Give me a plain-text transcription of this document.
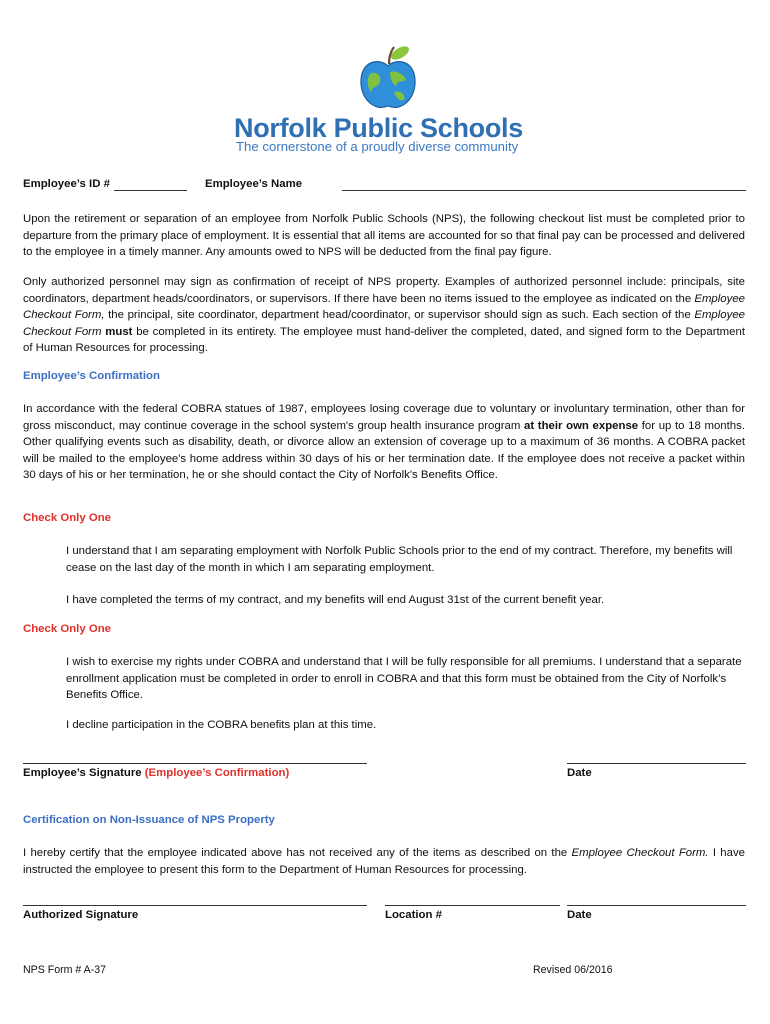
Norfolk Public Schools
The cornerstone of a proudly diverse community
Employee’s ID #	Employee’s Name
Upon the retirement or separation of an employee from Norfolk Public Schools (NPS), the following checkout list must be completed prior to departure from the primary place of employment. It is essential that all items are accounted for so that final pay can be processed and delivered to the employee in a timely manner. Any amounts owed to NPS will be deducted from the final pay figure.
Only authorized personnel may sign as confirmation of receipt of NPS property. Examples of authorized personnel include: principals, site coordinators, department heads/coordinators, or supervisors. If there have been no items issued to the employee as indicated on the Employee Checkout Form, the principal, site coordinator, department head/coordinator, or supervisor should sign as such. Each section of the Employee Checkout Form must be completed in its entirety. The employee must hand-deliver the completed, dated, and signed form to the Department of Human Resources for processing.
Employee’s Confirmation
In accordance with the federal COBRA statues of 1987, employees losing coverage due to voluntary or involuntary termination, other than for gross misconduct, may continue coverage in the school system's group health insurance program at their own expense for up to 18 months. Other qualifying events such as disability, death, or divorce allow an extension of coverage up to a maximum of 36 months. A COBRA packet will be mailed to the employee's home address within 30 days of his or her termination date. If the employee does not receive a packet within 30 days of his or her termination, he or she should contact the City of Norfolk's Benefits Office.
Check Only One
I understand that I am separating employment with Norfolk Public Schools prior to the end of my contract. Therefore, my benefits will cease on the last day of the month in which I am separating employment.
I have completed the terms of my contract, and my benefits will end August 31st of the current benefit year.
Check Only One
I wish to exercise my rights under COBRA and understand that I will be fully responsible for all premiums. I understand that a separate enrollment application must be completed in order to enroll in COBRA and that this form must be obtained from the City of Norfolk’s Benefits Office.
I decline participation in the COBRA benefits plan at this time.
Employee’s Signature (Employee’s Confirmation)	Date
Certification on Non-Issuance of NPS Property
I hereby certify that the employee indicated above has not received any of the items as described on the Employee Checkout Form. I have instructed the employee to present this form to the Department of Human Resources for processing.
Authorized Signature	Location #	Date
NPS Form # A-37	Revised 06/2016
